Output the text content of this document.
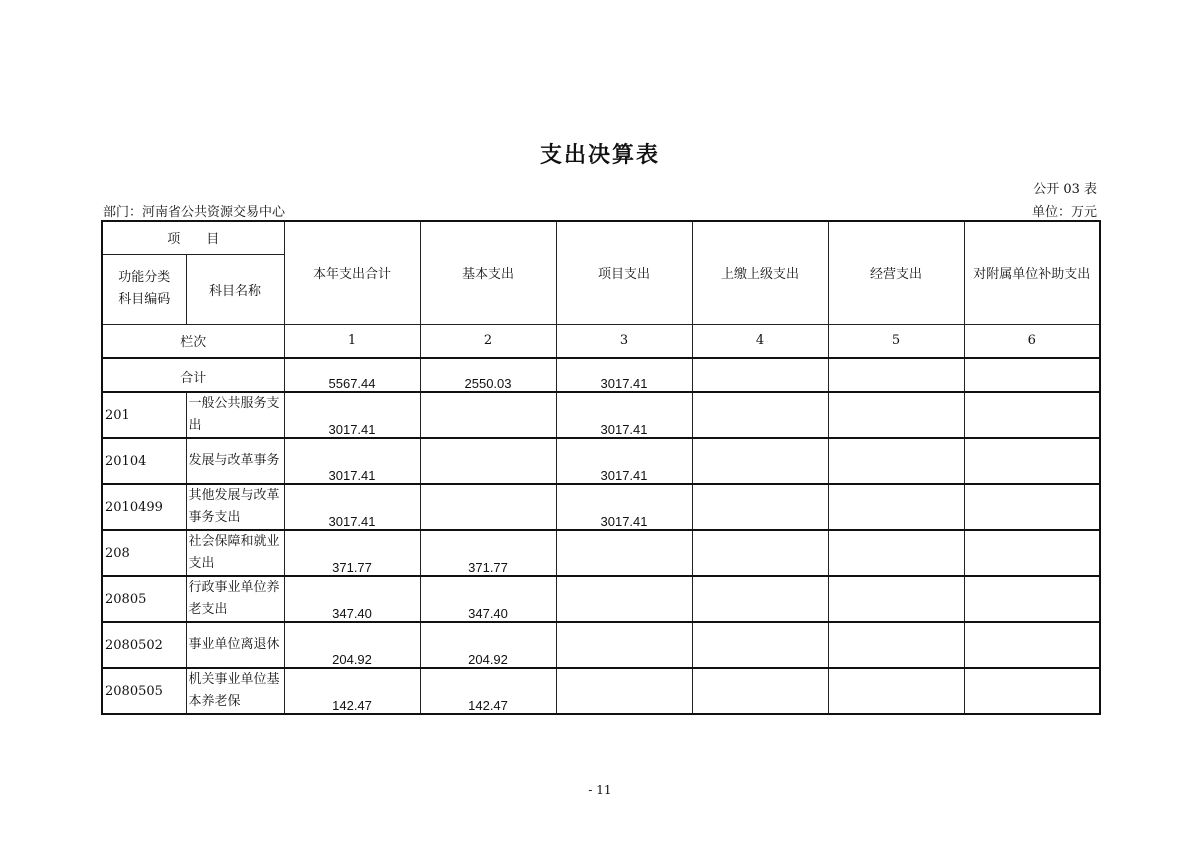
支出决算表
公开 03 表
部门：河南省公共资源交易中心	单位：万元
项　　目		本年支出合计	基本支出	项目支出	上缴上级支出	经营支出	对附属单位补助支出
功能分类
科目编码	科目名称						
栏次		1	2	3	4	5	6
合计		5567.44	2550.03	3017.41			
201	一般公共服务支出	3017.41		3017.41			
20104	发展与改革事务	3017.41		3017.41			
2010499	其他发展与改革事务支出	3017.41		3017.41			
208	社会保障和就业支出	371.77	371.77				
20805	行政事业单位养老支出	347.40	347.40				
2080502	事业单位离退休	204.92	204.92				
2080505	机关事业单位基本养老保	142.47	142.47				
- 11
